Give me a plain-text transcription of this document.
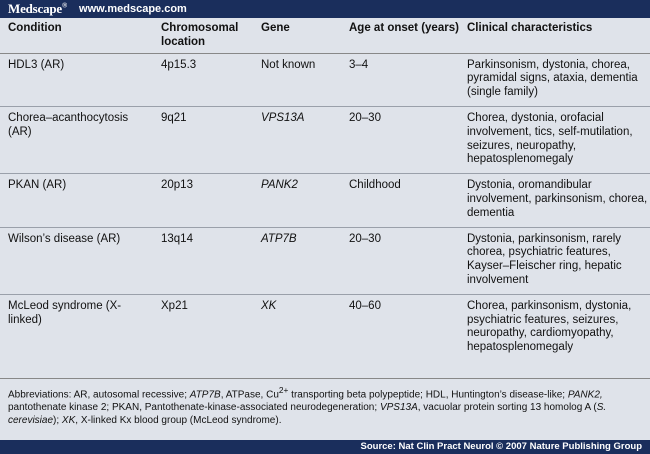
Medscape® www.medscape.com
Condition	Chromosomal location	Gene	Age at onset (years)	Clinical characteristics
HDL3 (AR)	4p15.3	Not known	3–4	Parkinsonism, dystonia, chorea, pyramidal signs, ataxia, dementia (single family)
Chorea–acanthocytosis (AR)	9q21	VPS13A	20–30	Chorea, dystonia, orofacial involvement, tics, self-mutilation, seizures, neuropathy, hepatosplenomegaly
PKAN (AR)	20p13	PANK2	Childhood	Dystonia, oromandibular involvement, parkinsonism, chorea, dementia
Wilson’s disease (AR)	13q14	ATP7B	20–30	Dystonia, parkinsonism, rarely chorea, psychiatric features, Kayser–Fleischer ring, hepatic involvement
McLeod syndrome (X-linked)	Xp21	XK	40–60	Chorea, parkinsonism, dystonia, psychiatric features, seizures, neuropathy, cardiomyopathy, hepatosplenomegaly
Abbreviations: AR, autosomal recessive; ATP7B, ATPase, $Cu^{2+}$ transporting beta polypeptide; HDL, Huntington’s disease-like; PANK2, pantothenate kinase 2; PKAN, Pantothenate-kinase-associated neurodegeneration; VPS13A, vacuolar protein sorting 13 homolog A (S. cerevisiae); XK, X-linked Kx blood group (McLeod syndrome).
Source: Nat Clin Pract Neurol © 2007 Nature Publishing Group
